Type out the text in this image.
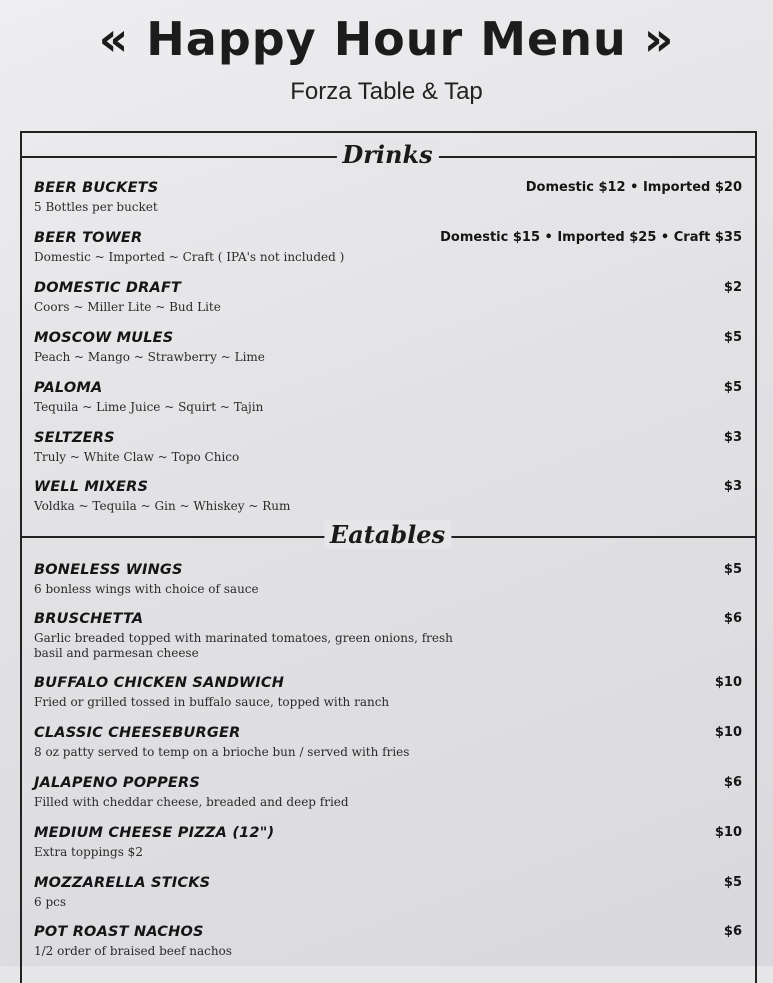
« Happy Hour Menu »
Forza Table & Tap
Drinks
BEER BUCKETS
5 Bottles per bucket
Domestic $12 • Imported $20
BEER TOWER
Domestic ~ Imported ~ Craft ( IPA's not included )
Domestic $15 • Imported $25 • Craft $35
DOMESTIC DRAFT
Coors ~ Miller Lite ~ Bud Lite
$2
MOSCOW MULES
Peach ~ Mango ~ Strawberry ~ Lime
$5
PALOMA
Tequila ~ Lime Juice ~ Squirt ~ Tajin
$5
SELTZERS
Truly ~ White Claw ~ Topo Chico
$3
WELL MIXERS
Voldka ~ Tequila ~ Gin ~ Whiskey ~ Rum
$3
Eatables
BONELESS WINGS
6 bonless wings with choice of sauce
$5
BRUSCHETTA
Garlic breaded topped with marinated tomatoes, green onions, fresh basil and parmesan cheese
$6
BUFFALO CHICKEN SANDWICH
Fried or grilled tossed in buffalo sauce, topped with ranch
$10
CLASSIC CHEESEBURGER
8 oz patty served to temp on a brioche bun / served with fries
$10
JALAPENO POPPERS
Filled with cheddar cheese, breaded and deep fried
$6
MEDIUM CHEESE PIZZA (12")
Extra toppings $2
$10
MOZZARELLA STICKS
6 pcs
$5
POT ROAST NACHOS
1/2 order of braised beef nachos
$6
